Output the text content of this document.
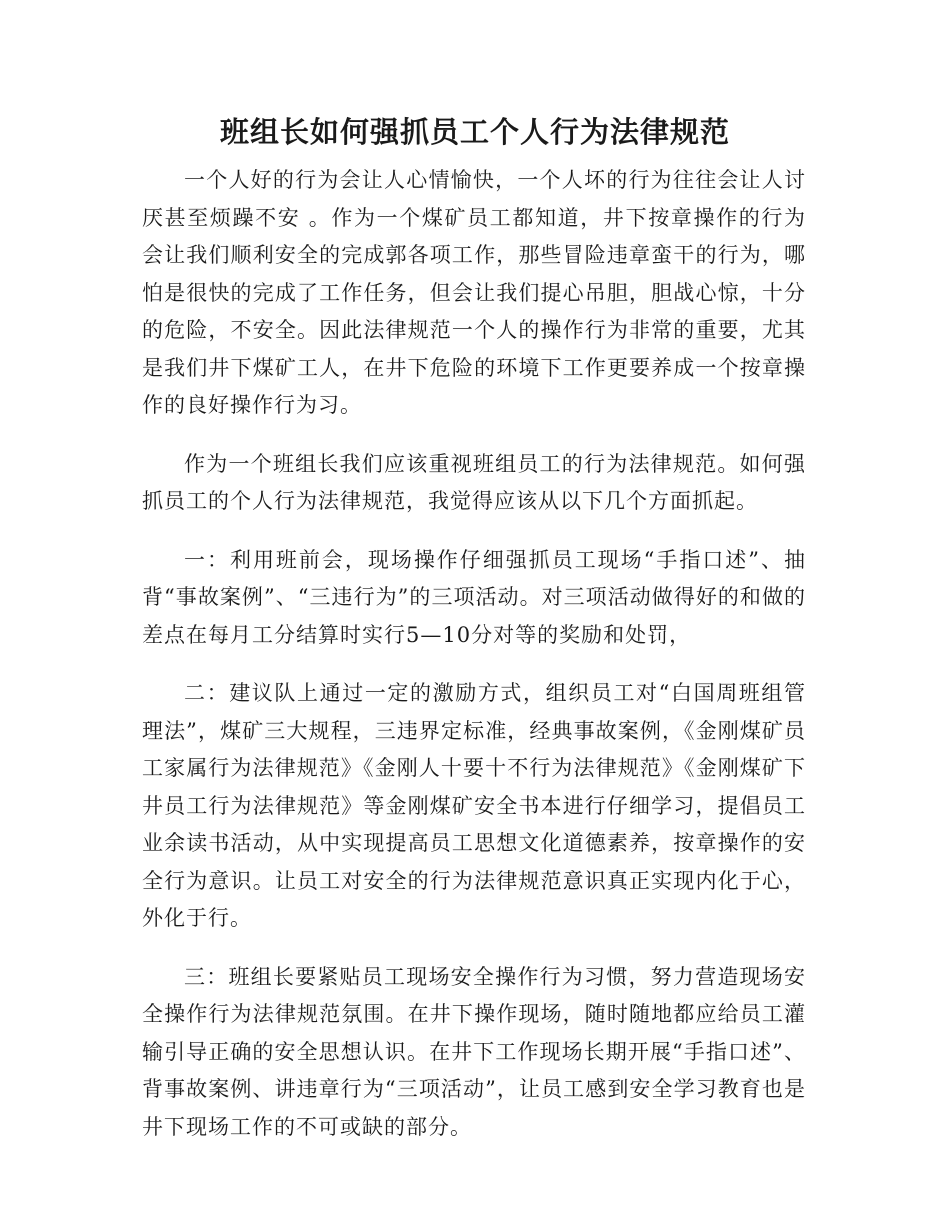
班组长如何强抓员工个人行为法律规范

一个人好的行为会让人心情愉快，一个人坏的行为往往会让人讨厌甚至烦躁不安 。作为一个煤矿员工都知道，井下按章操作的行为会让我们顺利安全的完成郭各项工作，那些冒险违章蛮干的行为，哪怕是很快的完成了工作任务，但会让我们提心吊胆，胆战心惊，十分的危险，不安全。因此法律规范一个人的操作行为非常的重要，尤其是我们井下煤矿工人，在井下危险的环境下工作更要养成一个按章操作的良好操作行为习。

作为一个班组长我们应该重视班组员工的行为法律规范。如何强抓员工的个人行为法律规范，我觉得应该从以下几个方面抓起。

一：利用班前会，现场操作仔细强抓员工现场“手指口述”、抽背“事故案例”、“三违行为”的三项活动。对三项活动做得好的和做的差点在每月工分结算时实行5—10分对等的奖励和处罚，

二：建议队上通过一定的激励方式，组织员工对“白国周班组管理法”，煤矿三大规程，三违界定标准，经典事故案例，《金刚煤矿员工家属行为法律规范》《金刚人十要十不行为法律规范》《金刚煤矿下井员工行为法律规范》等金刚煤矿安全书本进行仔细学习，提倡员工业余读书活动，从中实现提高员工思想文化道德素养，按章操作的安全行为意识。让员工对安全的行为法律规范意识真正实现内化于心，外化于行。

三：班组长要紧贴员工现场安全操作行为习惯，努力营造现场安全操作行为法律规范氛围。在井下操作现场，随时随地都应给员工灌输引导正确的安全思想认识。在井下工作现场长期开展“手指口述”、背事故案例、讲违章行为“三项活动”，让员工感到安全学习教育也是井下现场工作的不可或缺的部分。
